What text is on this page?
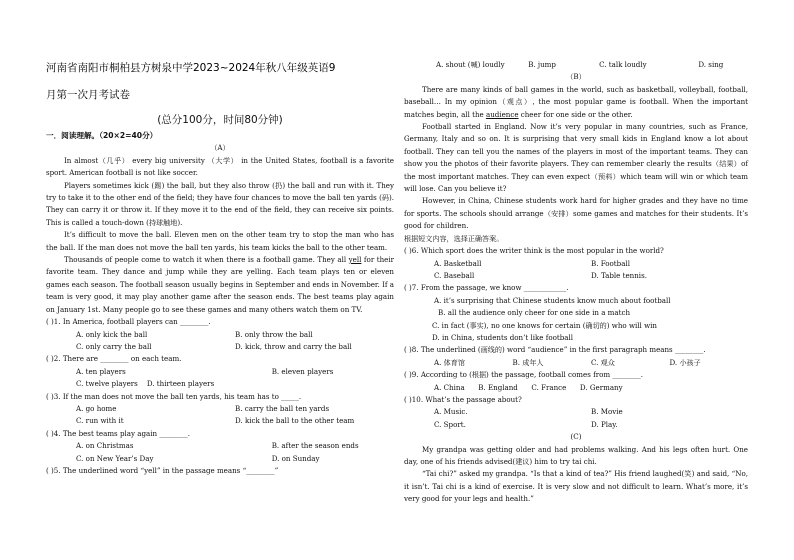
河南省南阳市桐柏县方树泉中学2023~2024年秋八年级英语9

月第一次月考试卷

(总分100分，时间80分钟)

一．阅读理解。（20×2=40分）

（A）

In almost（几乎） every big university （大学） in the United States, football is a favorite sport. American football is not like soccer.

Players sometimes kick (踢) the ball, but they also throw (扔) the ball and run with it. They try to take it to the other end of the field; they have four chances to move the ball ten yards (码). They can carry it or throw it. If they move it to the end of the field, they can receive six points. This is called a touch-down (持球触地).

It’s difficult to move the ball. Eleven men on the other team try to stop the man who has the ball. If the man does not move the ball ten yards, his team kicks the ball to the other team.

Thousands of people come to watch it when there is a football game. They all yell for their favorite team. They dance and jump while they are yelling. Each team plays ten or eleven games each season. The football season usually begins in September and ends in November. If a team is very good, it may play another game after the season ends. The best teams play again on January 1st. Many people go to see these games and many others watch them on TV.

( )1. In America, football players can ________.

A. only kick the ball	B. only throw the ball
C. only carry the ball	D. kick, throw and carry the ball

( )2. There are ________ on each team.

A. ten players	B. eleven players
C. twelve players D. thirteen players

( )3. If the man does not move the ball ten yards, his team has to _____.

A. go home	B. carry the ball ten yards
C. run with it	D. kick the ball to the other team

( )4. The best teams play again ________.

A. on Christmas	B. after the season ends
C. on New Year’s Day	D. on Sunday

( )5. The underlined word “yell” in the passage means “________”

A. shout (喊) loudly	B. jump	C. talk loudly	D. sing

（B）

There are many kinds of ball games in the world, such as basketball, volleyball, football, baseball… In my opinion（观点）, the most popular game is football. When the important matches begin, all the audience cheer for one side or the other.

Football started in England. Now it’s very popular in many countries, such as France, Germany, Italy and so on. It is surprising that very small kids in England know a lot about football. They can tell you the names of the players in most of the important teams. They can show you the photos of their favorite players. They can remember clearly the results（结果）of the most important matches. They can even expect（预料）which team will win or which team will lose. Can you believe it?

However, in China, Chinese students work hard for higher grades and they have no time for sports. The schools should arrange（安排）some games and matches for their students. It’s good for children.

根据短文内容，选择正确答案。

( )6. Which sport does the writer think is the most popular in the world?

A. Basketball	B. Football
C. Baseball	D. Table tennis.

( )7. From the passage, we know ____________.

A. it’s surprising that Chinese students know much about football

B. all the audience only cheer for one side in a match

C. in fact (事实), no one knows for certain (确切的) who will win

D. in China, students don’t like football

( )8. The underlined (画线的) word “audience” in the first paragraph means ________.

A. 体育馆	B. 成年人	C. 观众	D. 小孩子

( )9. According to (根据) the passage, football comes from ________.

A. China B. England C. France D. Germany

( )10. What’s the passage about?

A. Music.	B. Movie
C. Sport.	D. Play.

(C)

My grandpa was getting older and had problems walking. And his legs often hurt. One day, one of his friends advised(建议) him to try tai chi.

“Tai chi?” asked my grandpa. “Is that a kind of tea?” His friend laughed(笑) and said, “No, it isn’t. Tai chi is a kind of exercise. It is very slow and not difficult to learn. What’s more, it’s very good for your legs and health.”
